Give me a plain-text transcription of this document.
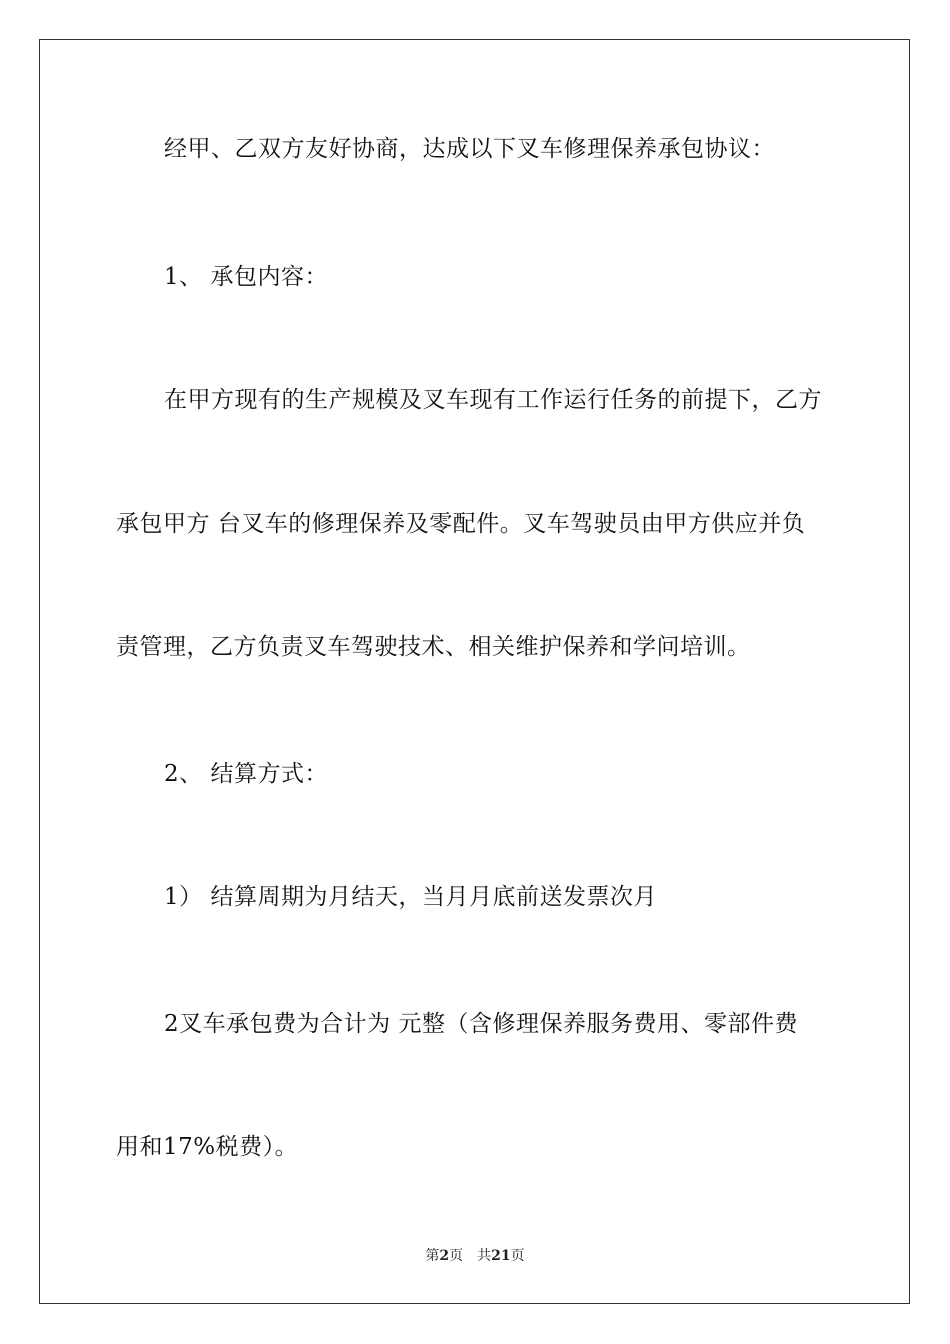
经甲、乙双方友好协商，达成以下叉车修理保养承包协议：
1、 承包内容：
在甲方现有的生产规模及叉车现有工作运行任务的前提下，乙方
承包甲方 台叉车的修理保养及零配件。叉车驾驶员由甲方供应并负
责管理，乙方负责叉车驾驶技术、相关维护保养和学问培训。
2、 结算方式：
1） 结算周期为月结天，当月月底前送发票次月
2叉车承包费为合计为 元整（含修理保养服务费用、零部件费
用和17%税费）。
第2页 共21页
